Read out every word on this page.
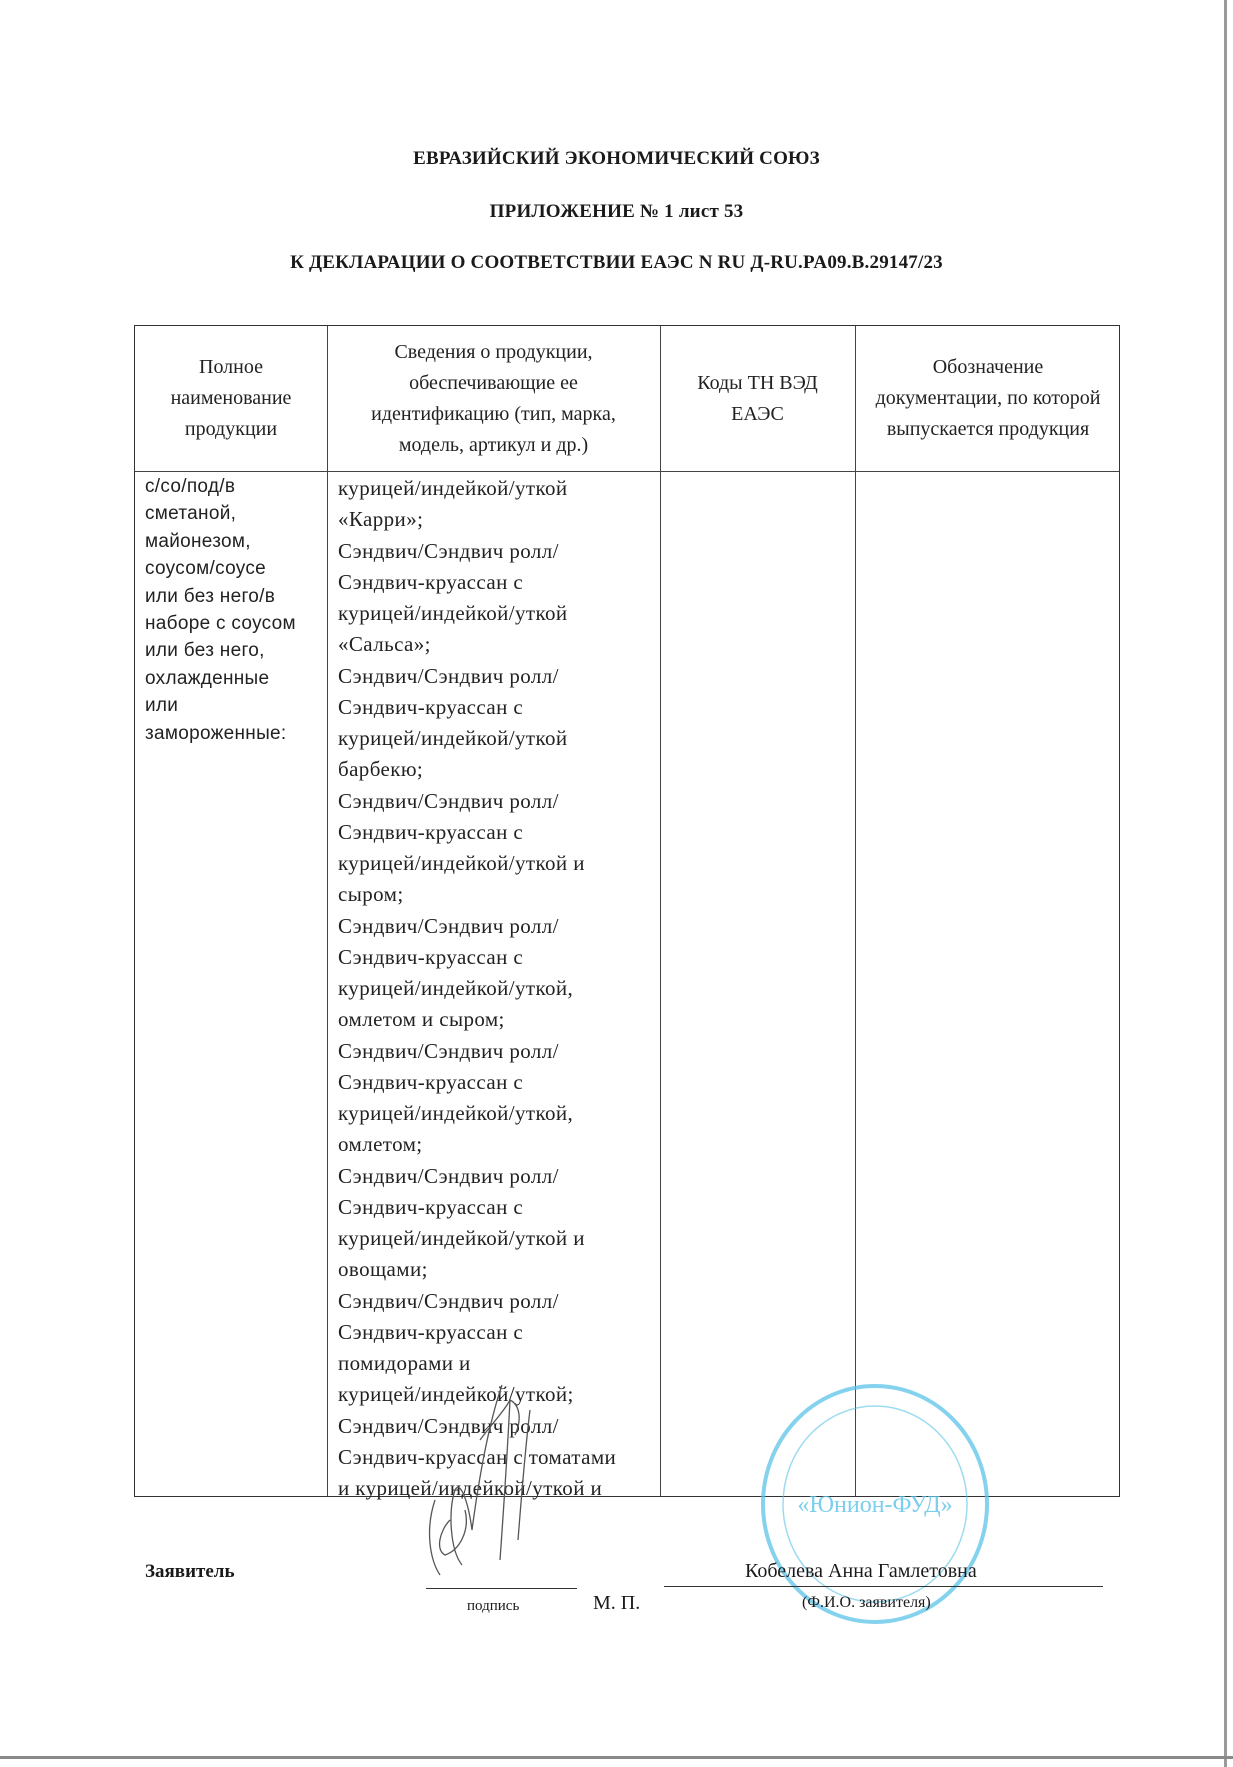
ЕВРАЗИЙСКИЙ ЭКОНОМИЧЕСКИЙ СОЮЗ
ПРИЛОЖЕНИЕ № 1 лист 53
К ДЕКЛАРАЦИИ О СООТВЕТСТВИИ ЕАЭС N RU Д-RU.PA09.B.29147/23
Полное наименование продукции
Сведения о продукции, обеспечивающие ее идентификацию (тип, марка, модель, артикул и др.)
Коды ТН ВЭД ЕАЭС
Обозначение документации, по которой выпускается продукция
с/со/под/в
сметаной,
майонезом,
соусом/соусе
или без него/в
наборе с соусом
или без него,
охлажденные
или
замороженные:
курицей/индейкой/уткой
«Карри»;
Сэндвич/Сэндвич ролл/
Сэндвич-круассан с
курицей/индейкой/уткой
«Сальса»;
Сэндвич/Сэндвич ролл/
Сэндвич-круассан с
курицей/индейкой/уткой
барбекю;
Сэндвич/Сэндвич ролл/
Сэндвич-круассан с
курицей/индейкой/уткой и
сыром;
Сэндвич/Сэндвич ролл/
Сэндвич-круассан с
курицей/индейкой/уткой,
омлетом и сыром;
Сэндвич/Сэндвич ролл/
Сэндвич-круассан с
курицей/индейкой/уткой,
омлетом;
Сэндвич/Сэндвич ролл/
Сэндвич-круассан с
курицей/индейкой/уткой и
овощами;
Сэндвич/Сэндвич ролл/
Сэндвич-круассан с
помидорами и
курицей/индейкой/уткой;
Сэндвич/Сэндвич ролл/
Сэндвич-круассан с томатами
и курицей/индейкой/уткой и
«Юнион-ФУД»
Заявитель
подпись	М. П.
Кобелева Анна Гамлетовна
(Ф.И.О. заявителя)
